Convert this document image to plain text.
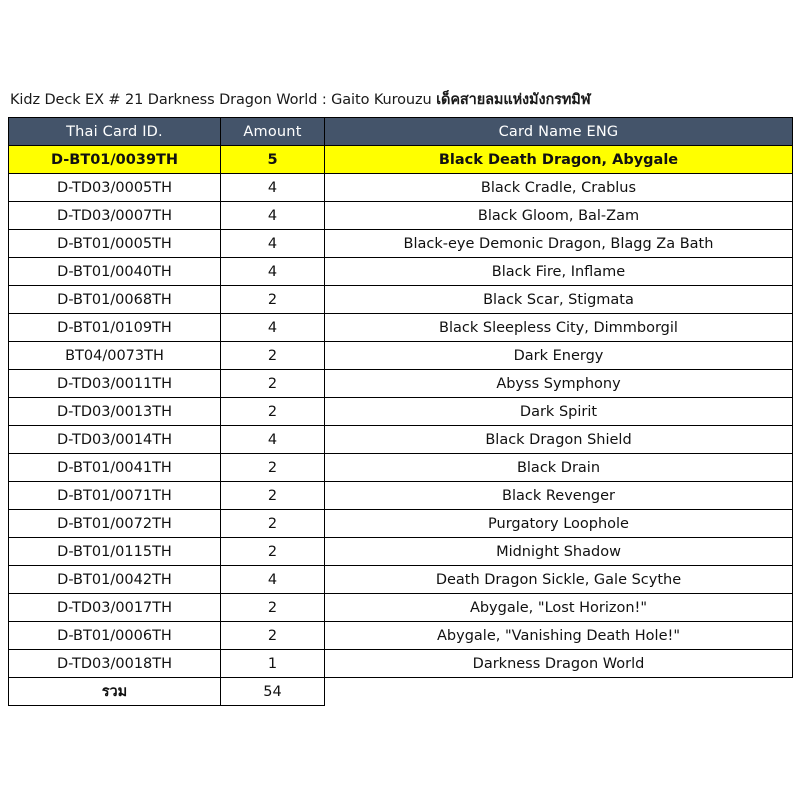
Kidz Deck EX # 21 Darkness Dragon World : Gaito Kurouzu เด็คสายลมแห่งมังกรทมิฬ
Thai Card ID.	Amount	Card Name ENG
D-BT01/0039TH	5	Black Death Dragon, Abygale
D-TD03/0005TH	4	Black Cradle, Crablus
D-TD03/0007TH	4	Black Gloom, Bal-Zam
D-BT01/0005TH	4	Black-eye Demonic Dragon, Blagg Za Bath
D-BT01/0040TH	4	Black Fire, Inflame
D-BT01/0068TH	2	Black Scar, Stigmata
D-BT01/0109TH	4	Black Sleepless City, Dimmborgil
BT04/0073TH	2	Dark Energy
D-TD03/0011TH	2	Abyss Symphony
D-TD03/0013TH	2	Dark Spirit
D-TD03/0014TH	4	Black Dragon Shield
D-BT01/0041TH	2	Black Drain
D-BT01/0071TH	2	Black Revenger
D-BT01/0072TH	2	Purgatory Loophole
D-BT01/0115TH	2	Midnight Shadow
D-BT01/0042TH	4	Death Dragon Sickle, Gale Scythe
D-TD03/0017TH	2	Abygale, "Lost Horizon!"
D-BT01/0006TH	2	Abygale, "Vanishing Death Hole!"
D-TD03/0018TH	1	Darkness Dragon World
รวม	54	
